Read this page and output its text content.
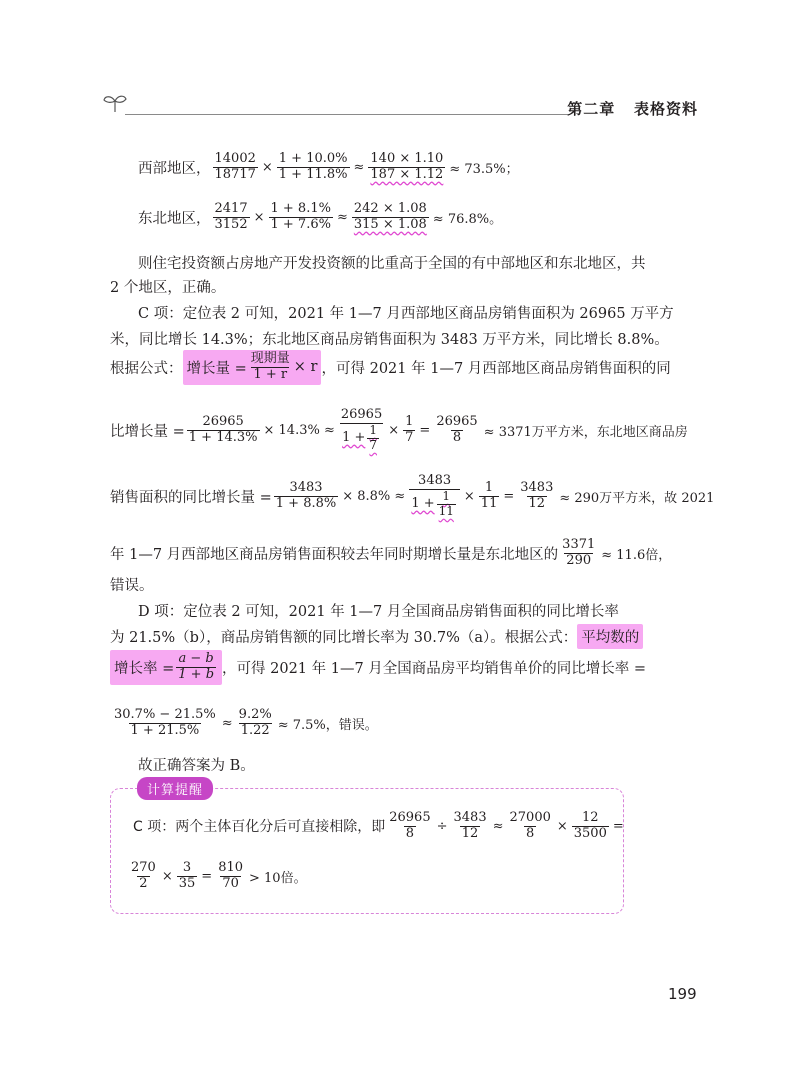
第二章 表格资料
西部地区， $\frac{14002}{18717} \times \frac{1 + 10.0\%}{1 + 11.8\%} \approx \frac{140 \times 1.10}{187 \times 1.12} \approx 73.5\%$；
东北地区， $\frac{2417}{3152} \times \frac{1 + 8.1\%}{1 + 7.6\%} \approx \frac{242 \times 1.08}{315 \times 1.08} \approx 76.8\%$。
则住宅投资额占房地产开发投资额的比重高于全国的有中部地区和东北地区，共
2 个地区，正确。
C 项：定位表 2 可知，2021 年 1—7 月西部地区商品房销售面积为 26965 万平方
米，同比增长 14.3%；东北地区商品房销售面积为 3483 万平方米，同比增长 8.8%。
根据公式： 增长量 = $\frac{\text{现期量}}{1 + r} \times r$ ，可得 2021 年 1—7 月西部地区商品房销售面积的同
比增长量 = $\frac{26965}{1 + 14.3\%} \times 14.3\% \approx \frac{26965}{1 + \frac{1}{7}} \times \frac{1}{7} = \frac{26965}{8} \approx 3371$万平方米，东北地区商品房
销售面积的同比增长量 = $\frac{3483}{1 + 8.8\%} \times 8.8\% \approx \frac{3483}{1 + \frac{1}{11}} \times \frac{1}{11} = \frac{3483}{12} \approx 290$万平方米，故 2021
年 1—7 月西部地区商品房销售面积较去年同时期增长量是东北地区的 $\frac{3371}{290} \approx 11.6$倍，
错误。
D 项：定位表 2 可知，2021 年 1—7 月全国商品房销售面积的同比增长率
为 21.5%（b），商品房销售额的同比增长率为 30.7%（a）。根据公式： 平均数的
增长率 = $\frac{a - b}{1 + b}$ ，可得 2021 年 1—7 月全国商品房平均销售单价的同比增长率 =
$\frac{30.7\% - 21.5\%}{1 + 21.5\%} \approx \frac{9.2\%}{1.22} \approx 7.5\%$，错误。
故正确答案为 B。
计算提醒
C 项：两个主体百化分后可直接相除，即 $\frac{26965}{8} \div \frac{3483}{12} \approx \frac{27000}{8} \times \frac{12}{3500}$ =
$\frac{270}{2} \times \frac{3}{35} = \frac{810}{70} > 10$倍。
199
